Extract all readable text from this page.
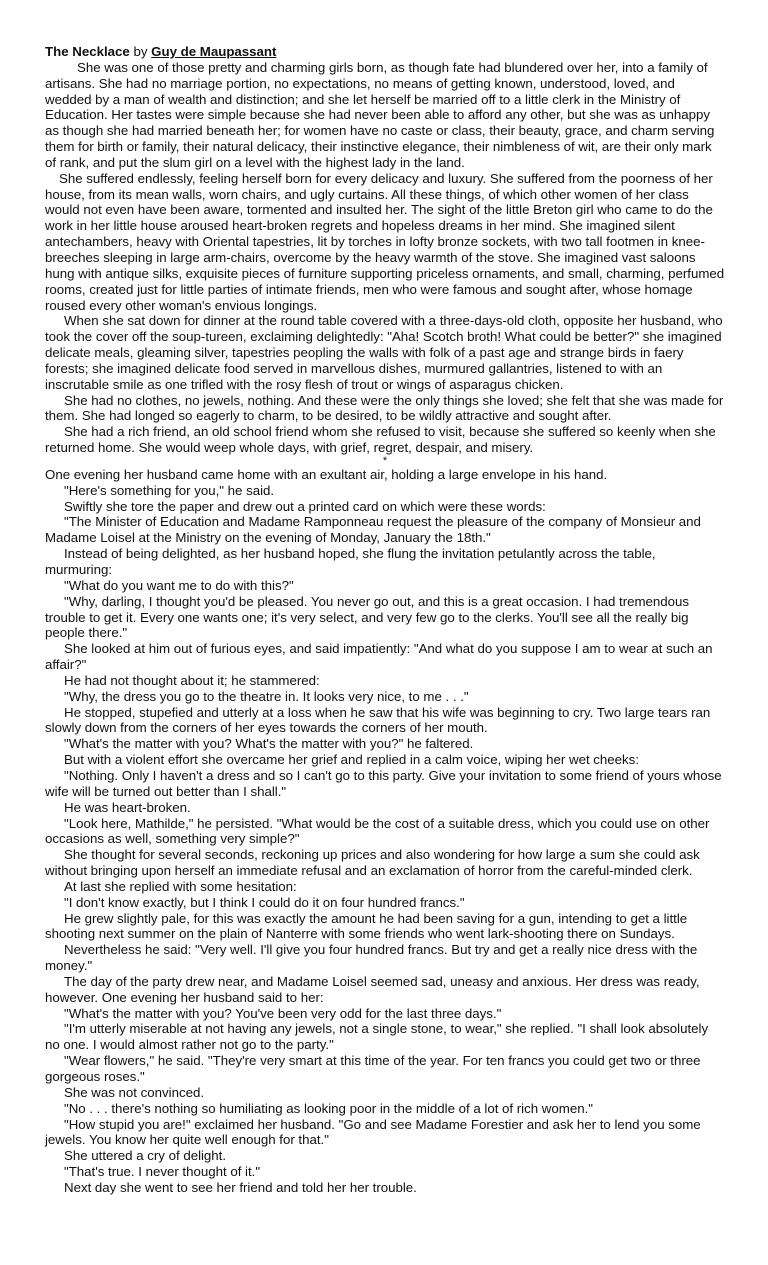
The Necklace by Guy de Maupassant

She was one of those pretty and charming girls born, as though fate had blundered over her, into a family of artisans. She had no marriage portion, no expectations, no means of getting known, understood, loved, and wedded by a man of wealth and distinction; and she let herself be married off to a little clerk in the Ministry of Education. Her tastes were simple because she had never been able to afford any other, but she was as unhappy as though she had married beneath her; for women have no caste or class, their beauty, grace, and charm serving them for birth or family, their natural delicacy, their instinctive elegance, their nimbleness of wit, are their only mark of rank, and put the slum girl on a level with the highest lady in the land.

She suffered endlessly, feeling herself born for every delicacy and luxury. She suffered from the poorness of her house, from its mean walls, worn chairs, and ugly curtains. All these things, of which other women of her class would not even have been aware, tormented and insulted her. The sight of the little Breton girl who came to do the work in her little house aroused heart-broken regrets and hopeless dreams in her mind. She imagined silent antechambers, heavy with Oriental tapestries, lit by torches in lofty bronze sockets, with two tall footmen in knee-breeches sleeping in large arm-chairs, overcome by the heavy warmth of the stove. She imagined vast saloons hung with antique silks, exquisite pieces of furniture supporting priceless ornaments, and small, charming, perfumed rooms, created just for little parties of intimate friends, men who were famous and sought after, whose homage roused every other woman's envious longings.

When she sat down for dinner at the round table covered with a three-days-old cloth, opposite her husband, who took the cover off the soup-tureen, exclaiming delightedly: "Aha! Scotch broth! What could be better?" she imagined delicate meals, gleaming silver, tapestries peopling the walls with folk of a past age and strange birds in faery forests; she imagined delicate food served in marvellous dishes, murmured gallantries, listened to with an inscrutable smile as one trifled with the rosy flesh of trout or wings of asparagus chicken.

She had no clothes, no jewels, nothing. And these were the only things she loved; she felt that she was made for them. She had longed so eagerly to charm, to be desired, to be wildly attractive and sought after.

She had a rich friend, an old school friend whom she refused to visit, because she suffered so keenly when she returned home. She would weep whole days, with grief, regret, despair, and misery.

*

One evening her husband came home with an exultant air, holding a large envelope in his hand.

"Here's something for you," he said.

Swiftly she tore the paper and drew out a printed card on which were these words:

"The Minister of Education and Madame Ramponneau request the pleasure of the company of Monsieur and Madame Loisel at the Ministry on the evening of Monday, January the 18th."

Instead of being delighted, as her husband hoped, she flung the invitation petulantly across the table, murmuring:

"What do you want me to do with this?"

"Why, darling, I thought you'd be pleased. You never go out, and this is a great occasion. I had tremendous trouble to get it. Every one wants one; it's very select, and very few go to the clerks. You'll see all the really big people there."

She looked at him out of furious eyes, and said impatiently: "And what do you suppose I am to wear at such an affair?"

He had not thought about it; he stammered:

"Why, the dress you go to the theatre in. It looks very nice, to me . . ."

He stopped, stupefied and utterly at a loss when he saw that his wife was beginning to cry. Two large tears ran slowly down from the corners of her eyes towards the corners of her mouth.

"What's the matter with you? What's the matter with you?" he faltered.

But with a violent effort she overcame her grief and replied in a calm voice, wiping her wet cheeks:

"Nothing. Only I haven't a dress and so I can't go to this party. Give your invitation to some friend of yours whose wife will be turned out better than I shall."

He was heart-broken.

"Look here, Mathilde," he persisted. "What would be the cost of a suitable dress, which you could use on other occasions as well, something very simple?"

She thought for several seconds, reckoning up prices and also wondering for how large a sum she could ask without bringing upon herself an immediate refusal and an exclamation of horror from the careful-minded clerk.

At last she replied with some hesitation:

"I don't know exactly, but I think I could do it on four hundred francs."

He grew slightly pale, for this was exactly the amount he had been saving for a gun, intending to get a little shooting next summer on the plain of Nanterre with some friends who went lark-shooting there on Sundays.

Nevertheless he said: "Very well. I'll give you four hundred francs. But try and get a really nice dress with the money."

The day of the party drew near, and Madame Loisel seemed sad, uneasy and anxious. Her dress was ready, however. One evening her husband said to her:

"What's the matter with you? You've been very odd for the last three days."

"I'm utterly miserable at not having any jewels, not a single stone, to wear," she replied. "I shall look absolutely no one. I would almost rather not go to the party."

"Wear flowers," he said. "They're very smart at this time of the year. For ten francs you could get two or three gorgeous roses."

She was not convinced.

"No . . . there's nothing so humiliating as looking poor in the middle of a lot of rich women."

"How stupid you are!" exclaimed her husband. "Go and see Madame Forestier and ask her to lend you some jewels. You know her quite well enough for that."

She uttered a cry of delight.

"That's true. I never thought of it."

Next day she went to see her friend and told her her trouble.
